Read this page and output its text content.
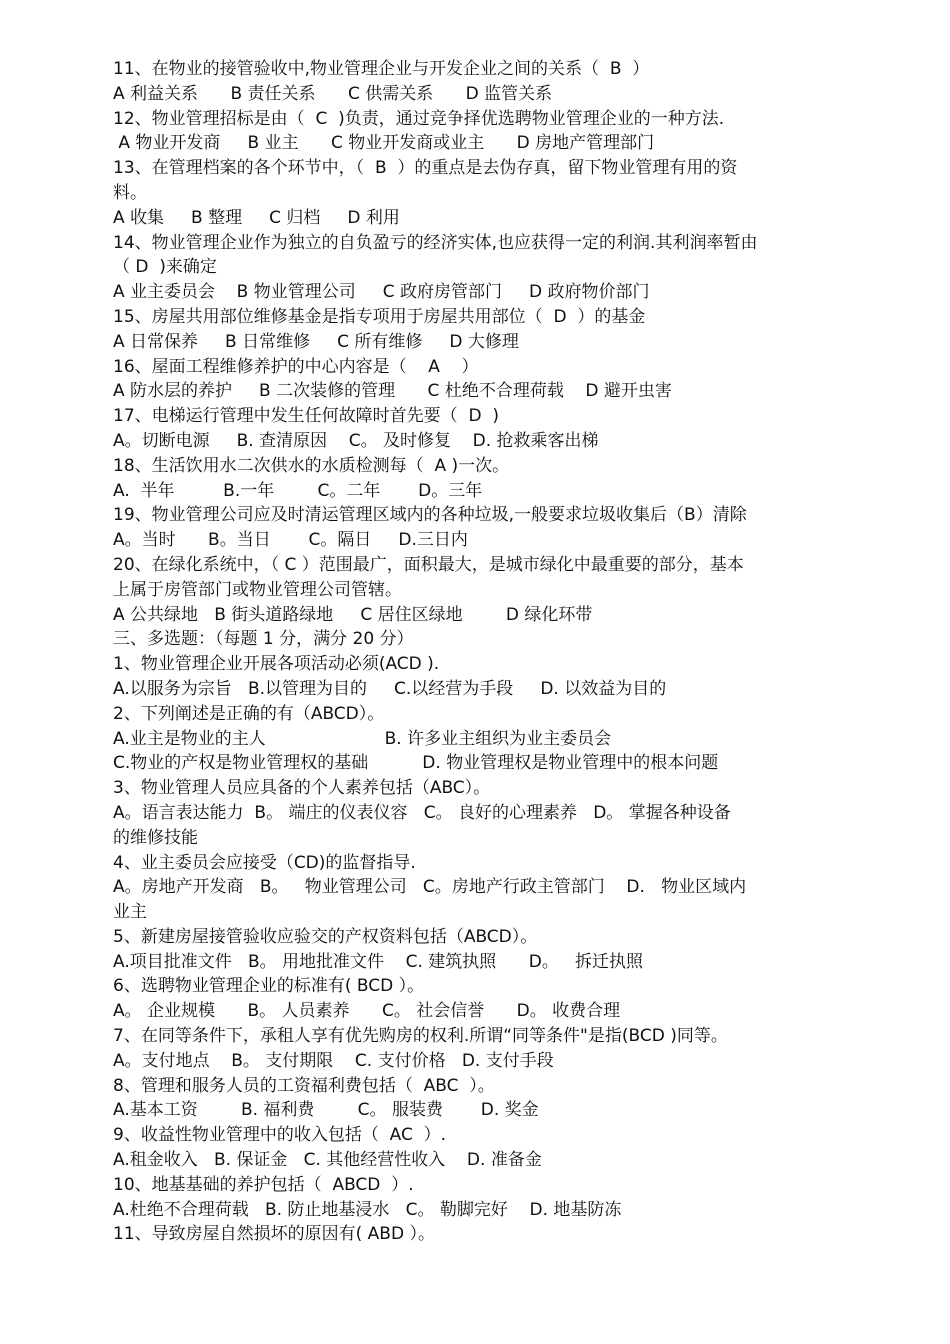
11、在物业的接管验收中,物业管理企业与开发企业之间的关系（  B  ）
A 利益关系      B 责任关系      C 供需关系      D 监管关系
12、物业管理招标是由（  C  )负责，通过竞争择优选聘物业管理企业的一种方法.
A 物业开发商     B 业主      C 物业开发商或业主      D 房地产管理部门
13、在管理档案的各个环节中，（  B  ）的重点是去伪存真，留下物业管理有用的资
料。
A 收集     B 整理     C 归档     D 利用
14、物业管理企业作为独立的自负盈亏的经济实体,也应获得一定的利润.其利润率暂由
（ D  )来确定
A 业主委员会    B 物业管理公司     C 政府房管部门     D 政府物价部门
15、房屋共用部位维修基金是指专项用于房屋共用部位（  D  ）的基金
A 日常保养     B 日常维修     C 所有维修     D 大修理
16、屋面工程维修养护的中心内容是（    A    ）
A 防水层的养护     B 二次装修的管理      C 杜绝不合理荷载    D 避开虫害
17、电梯运行管理中发生任何故障时首先要（  D  )
A。切断电源     B. 查清原因    C。 及时修复    D. 抢救乘客出梯
18、生活饮用水二次供水的水质检测每（  A )一次。
A.  半年         B.一年        C。二年       D。三年
19、物业管理公司应及时清运管理区域内的各种垃圾,一般要求垃圾收集后（B）清除
A。当时      B。当日       C。隔日     D.三日内
20、在绿化系统中，（ C ）范围最广，面积最大，是城市绿化中最重要的部分，基本
上属于房管部门或物业管理公司管辖。
A 公共绿地   B 街头道路绿地     C 居住区绿地        D 绿化环带
三、多选题：（每题 1 分，满分 20 分）
1、物业管理企业开展各项活动必须(ACD ).
A.以服务为宗旨   B.以管理为目的     C.以经营为手段     D. 以效益为目的
2、下列阐述是正确的有（ABCD）。
A.业主是物业的主人                      B. 许多业主组织为业主委员会
C.物业的产权是物业管理权的基础          D. 物业管理权是物业管理中的根本问题
3、物业管理人员应具备的个人素养包括（ABC）。
A。语言表达能力  B。 端庄的仪表仪容   C。 良好的心理素养   D。 掌握各种设备
的维修技能
4、业主委员会应接受（CD)的监督指导.
A。房地产开发商   B。   物业管理公司   C。房地产行政主管部门    D.   物业区域内
业主
5、新建房屋接管验收应验交的产权资料包括（ABCD）。
A.项目批准文件   B。 用地批准文件    C. 建筑执照      D。   拆迁执照
6、选聘物业管理企业的标准有( BCD ）。
A。 企业规模      B。 人员素养      C。 社会信誉      D。 收费合理
7、在同等条件下，承租人享有优先购房的权利.所谓“同等条件"是指(BCD )同等。
A。支付地点    B。 支付期限    C. 支付价格   D. 支付手段
8、管理和服务人员的工资福利费包括（  ABC  ）。
A.基本工资        B. 福利费        C。 服装费       D. 奖金
9、收益性物业管理中的收入包括（  AC  ）.
A.租金收入   B. 保证金   C. 其他经营性收入    D. 准备金
10、地基基础的养护包括（  ABCD  ）.
A.杜绝不合理荷载   B. 防止地基浸水   C。 勒脚完好    D. 地基防冻
11、导致房屋自然损坏的原因有( ABD ）。
